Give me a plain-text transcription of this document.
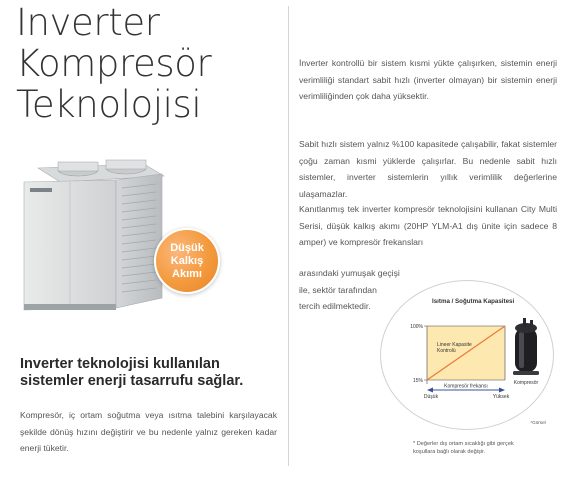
Inverter
Kompresör
Teknolojisi
Düşük
Kalkış
Akımı
Inverter teknolojisi kullanılan
sistemler enerji tasarrufu sağlar.

Kompresör, iç ortam soğutma veya ısıtma talebini karşılayacak şekilde dönüş hızını değiştirir ve bu nedenle yalnız gereken kadar enerji tüketir.

İnverter kontrollü bir sistem kısmi yükte çalışırken, sistemin enerji verimliliği standart sabit hızlı (inverter olmayan) bir sistemin enerji verimliliğinden çok daha yüksektir.

Sabit hızlı sistem yalnız %100 kapasitede çalışabilir, fakat sistemler çoğu zaman kısmi yüklerde çalışırlar. Bu nedenle sabit hızlı sistemler, inverter sistemlerin yıllık verimlilik değerlerine ulaşamazlar.

Kanıtlanmış tek inverter kompresör teknolojisini kullanan City Multi Serisi, düşük kalkış akımı (20HP YLM-A1 dış ünite için sadece 8 amper) ve kompresör frekansları

arasındaki yumuşak geçişi
ile, sektör tarafından
tercih edilmektedir.	Isıtma / Soğutma Kapasitesi
100%
15%
Lineer Kapasite
Kontrolü
Kompresör frekansı
Düşük	Yüksek
Kompresör
*Görsel
* Değerler dış ortam sıcaklığı gibi gerçek
koşullara bağlı olarak değişir.
